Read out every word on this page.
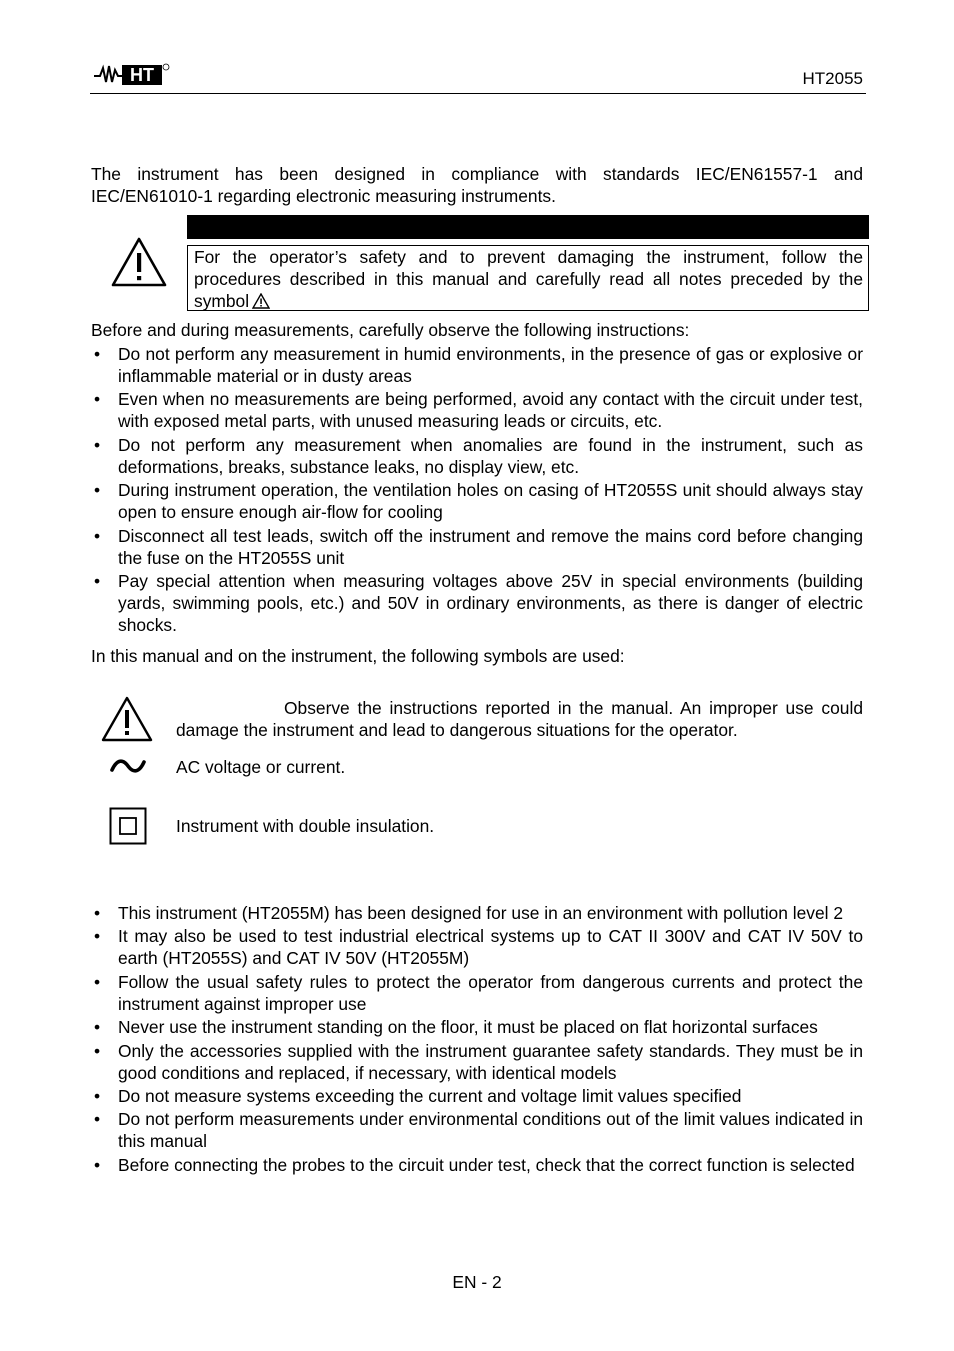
HT	HT2055
The instrument has been designed in compliance with standards IEC/EN61557-1 and IEC/EN61010-1 regarding electronic measuring instruments.
For the operator’s safety and to prevent damaging the instrument, follow the procedures described in this manual and carefully read all notes preceded by the symbol
Before and during measurements, carefully observe the following instructions:
• Do not perform any measurement in humid environments, in the presence of gas or explosive or inflammable material or in dusty areas
• Even when no measurements are being performed, avoid any contact with the circuit under test, with exposed metal parts, with unused measuring leads or circuits, etc.
• Do not perform any measurement when anomalies are found in the instrument, such as deformations, breaks, substance leaks, no display view, etc.
• During instrument operation, the ventilation holes on casing of HT2055S unit should always stay open to ensure enough air-flow for cooling
• Disconnect all test leads, switch off the instrument and remove the mains cord before changing the fuse on the HT2055S unit
• Pay special attention when measuring voltages above 25V in special environments (building yards, swimming pools, etc.) and 50V in ordinary environments, as there is danger of electric shocks.
In this manual and on the instrument, the following symbols are used:
Observe the instructions reported in the manual. An improper use could damage the instrument and lead to dangerous situations for the operator.
AC voltage or current.
Instrument with double insulation.
• This instrument (HT2055M) has been designed for use in an environment with pollution level 2
• It may also be used to test industrial electrical systems up to CAT II 300V and CAT IV 50V to earth (HT2055S) and CAT IV 50V (HT2055M)
• Follow the usual safety rules to protect the operator from dangerous currents and protect the instrument against improper use
• Never use the instrument standing on the floor, it must be placed on flat horizontal surfaces
• Only the accessories supplied with the instrument guarantee safety standards. They must be in good conditions and replaced, if necessary, with identical models
• Do not measure systems exceeding the current and voltage limit values specified
• Do not perform measurements under environmental conditions out of the limit values indicated in this manual
• Before connecting the probes to the circuit under test, check that the correct function is selected
EN - 2
